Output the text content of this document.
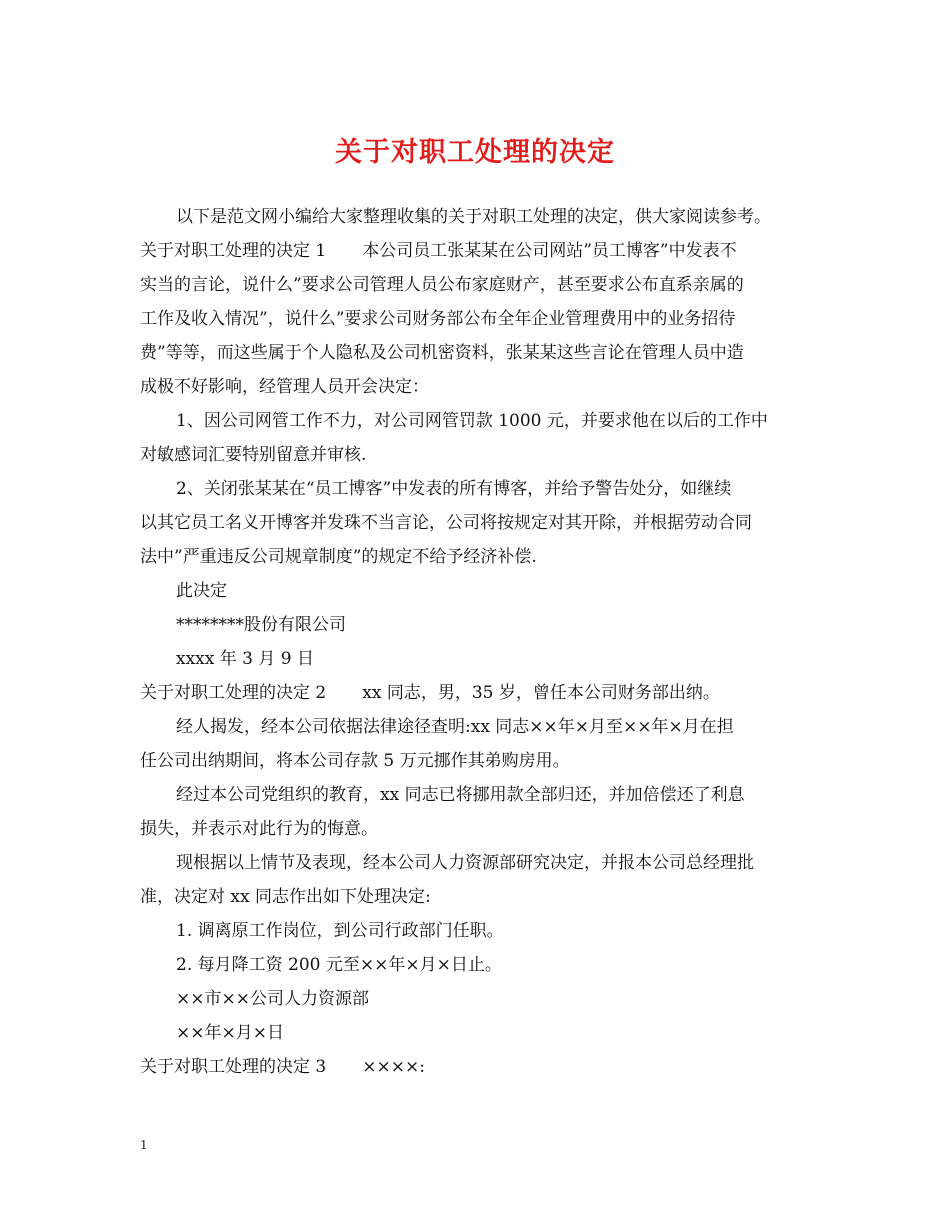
关于对职工处理的决定
以下是范文网小编给大家整理收集的关于对职工处理的决定，供大家阅读参考。
关于对职工处理的决定 1 本公司员工张某某在公司网站”员工博客”中发表不
实当的言论，说什么”要求公司管理人员公布家庭财产，甚至要求公布直系亲属的
工作及收入情况”，说什么”要求公司财务部公布全年企业管理费用中的业务招待
费”等等，而这些属于个人隐私及公司机密资料，张某某这些言论在管理人员中造
成极不好影响，经管理人员开会决定：
1、因公司网管工作不力，对公司网管罚款 1000 元，并要求他在以后的工作中
对敏感词汇要特别留意并审核.
2、关闭张某某在“员工博客”中发表的所有博客，并给予警告处分，如继续
以其它员工名义开博客并发珠不当言论，公司将按规定对其开除，并根据劳动合同
法中”严重违反公司规章制度”的规定不给予经济补偿.
此决定
********股份有限公司
xxxx 年 3 月 9 日
关于对职工处理的决定 2 xx 同志，男，35 岁，曾任本公司财务部出纳。
经人揭发，经本公司依据法律途径查明:xx 同志××年×月至××年×月在担
任公司出纳期间，将本公司存款 5 万元挪作其弟购房用。
经过本公司党组织的教育，xx 同志已将挪用款全部归还，并加倍偿还了利息
损失，并表示对此行为的悔意。
现根据以上情节及表现，经本公司人力资源部研究决定，并报本公司总经理批
准，决定对 xx 同志作出如下处理决定:
1. 调离原工作岗位，到公司行政部门任职。
2. 每月降工资 200 元至××年×月×日止。
××市××公司人力资源部
××年×月×日
关于对职工处理的决定 3 ××××:
1
